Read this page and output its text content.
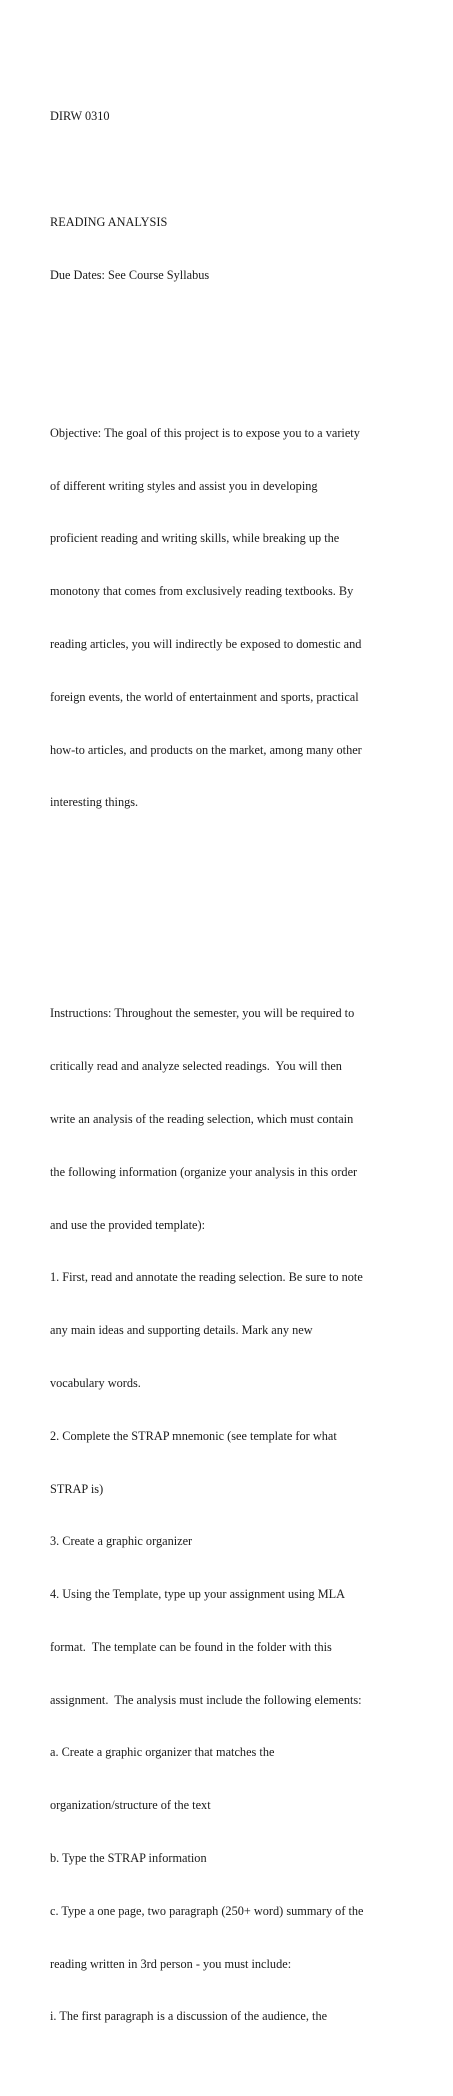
DIRW 0310

READING ANALYSIS

Due Dates: See Course Syllabus

Objective: The goal of this project is to expose you to a variety

of different writing styles and assist you in developing

proficient reading and writing skills, while breaking up the

monotony that comes from exclusively reading textbooks. By

reading articles, you will indirectly be exposed to domestic and

foreign events, the world of entertainment and sports, practical

how-to articles, and products on the market, among many other

interesting things.

Instructions: Throughout the semester, you will be required to

critically read and analyze selected readings.  You will then

write an analysis of the reading selection, which must contain

the following information (organize your analysis in this order

and use the provided template):

1. First, read and annotate the reading selection. Be sure to note

any main ideas and supporting details. Mark any new

vocabulary words.

2. Complete the STRAP mnemonic (see template for what

STRAP is)

3. Create a graphic organizer

4. Using the Template, type up your assignment using MLA

format.  The template can be found in the folder with this

assignment.  The analysis must include the following elements:

a. Create a graphic organizer that matches the

organization/structure of the text

b. Type the STRAP information

c. Type a one page, two paragraph (250+ word) summary of the

reading written in 3rd person - you must include:

i. The first paragraph is a discussion of the audience, the
